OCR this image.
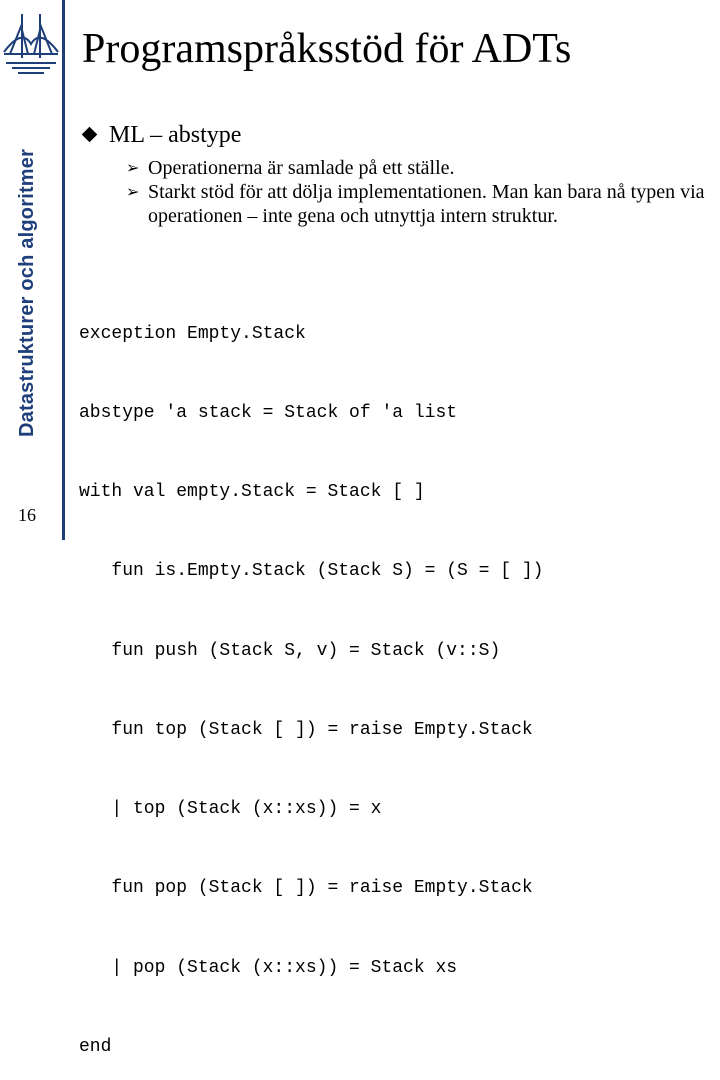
Datastrukturer och algoritmer
16
Programspråksstöd för ADTs
ML – abstype
➢ Operationerna är samlade på ett ställe.
➢ Starkt stöd för att dölja implementationen. Man kan bara nå typen via operationen – inte gena och utnyttja intern struktur.

exception Empty.Stack

abstype 'a stack = Stack of 'a list

with val empty.Stack = Stack [ ]

fun is.Empty.Stack (Stack S) = (S = [ ])

fun push (Stack S, v) = Stack (v::S)

fun top (Stack [ ]) = raise Empty.Stack

| top (Stack (x::xs)) = x

fun pop (Stack [ ]) = raise Empty.Stack

| pop (Stack (x::xs)) = Stack xs

end
